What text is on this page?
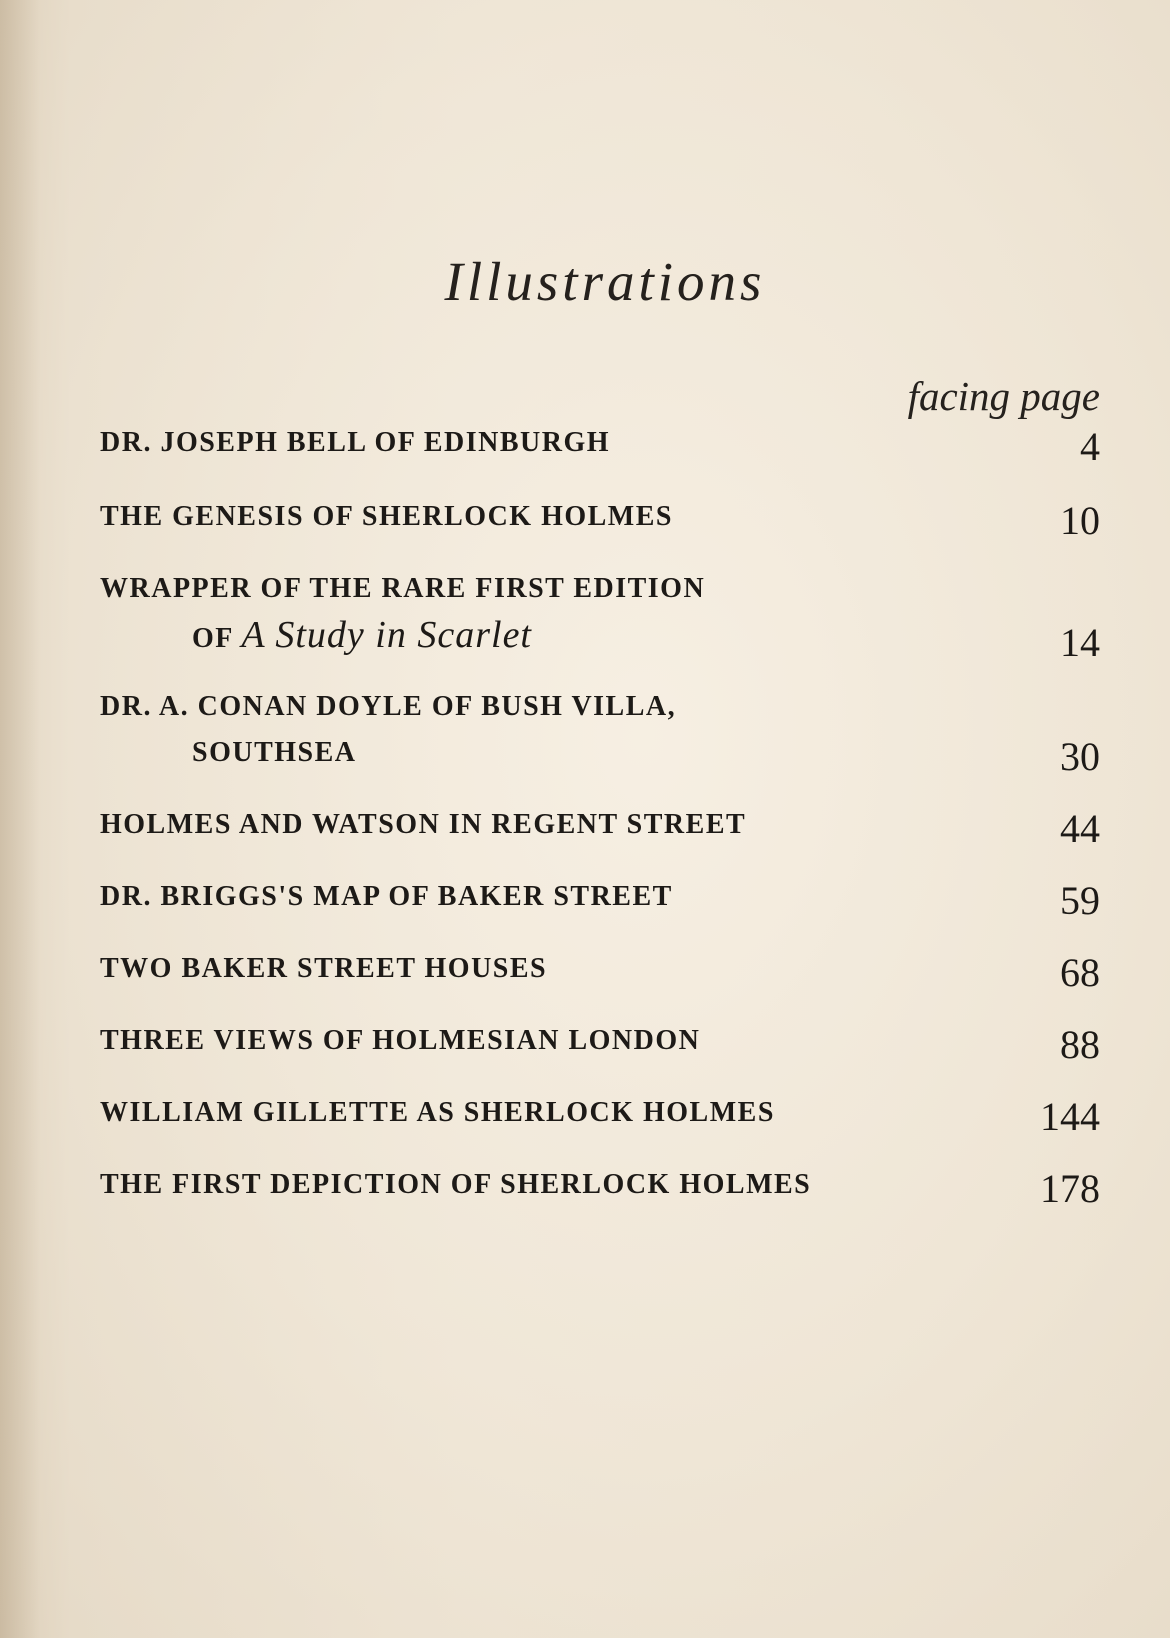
Illustrations
facing page
DR. JOSEPH BELL OF EDINBURGH	4
THE GENESIS OF SHERLOCK HOLMES	10
WRAPPER OF THE RARE FIRST EDITION
OF A Study in Scarlet	14
DR. A. CONAN DOYLE OF BUSH VILLA,
SOUTHSEA	30
HOLMES AND WATSON IN REGENT STREET	44
DR. BRIGGS'S MAP OF BAKER STREET	59
TWO BAKER STREET HOUSES	68
THREE VIEWS OF HOLMESIAN LONDON	88
WILLIAM GILLETTE AS SHERLOCK HOLMES	144
THE FIRST DEPICTION OF SHERLOCK HOLMES	178
